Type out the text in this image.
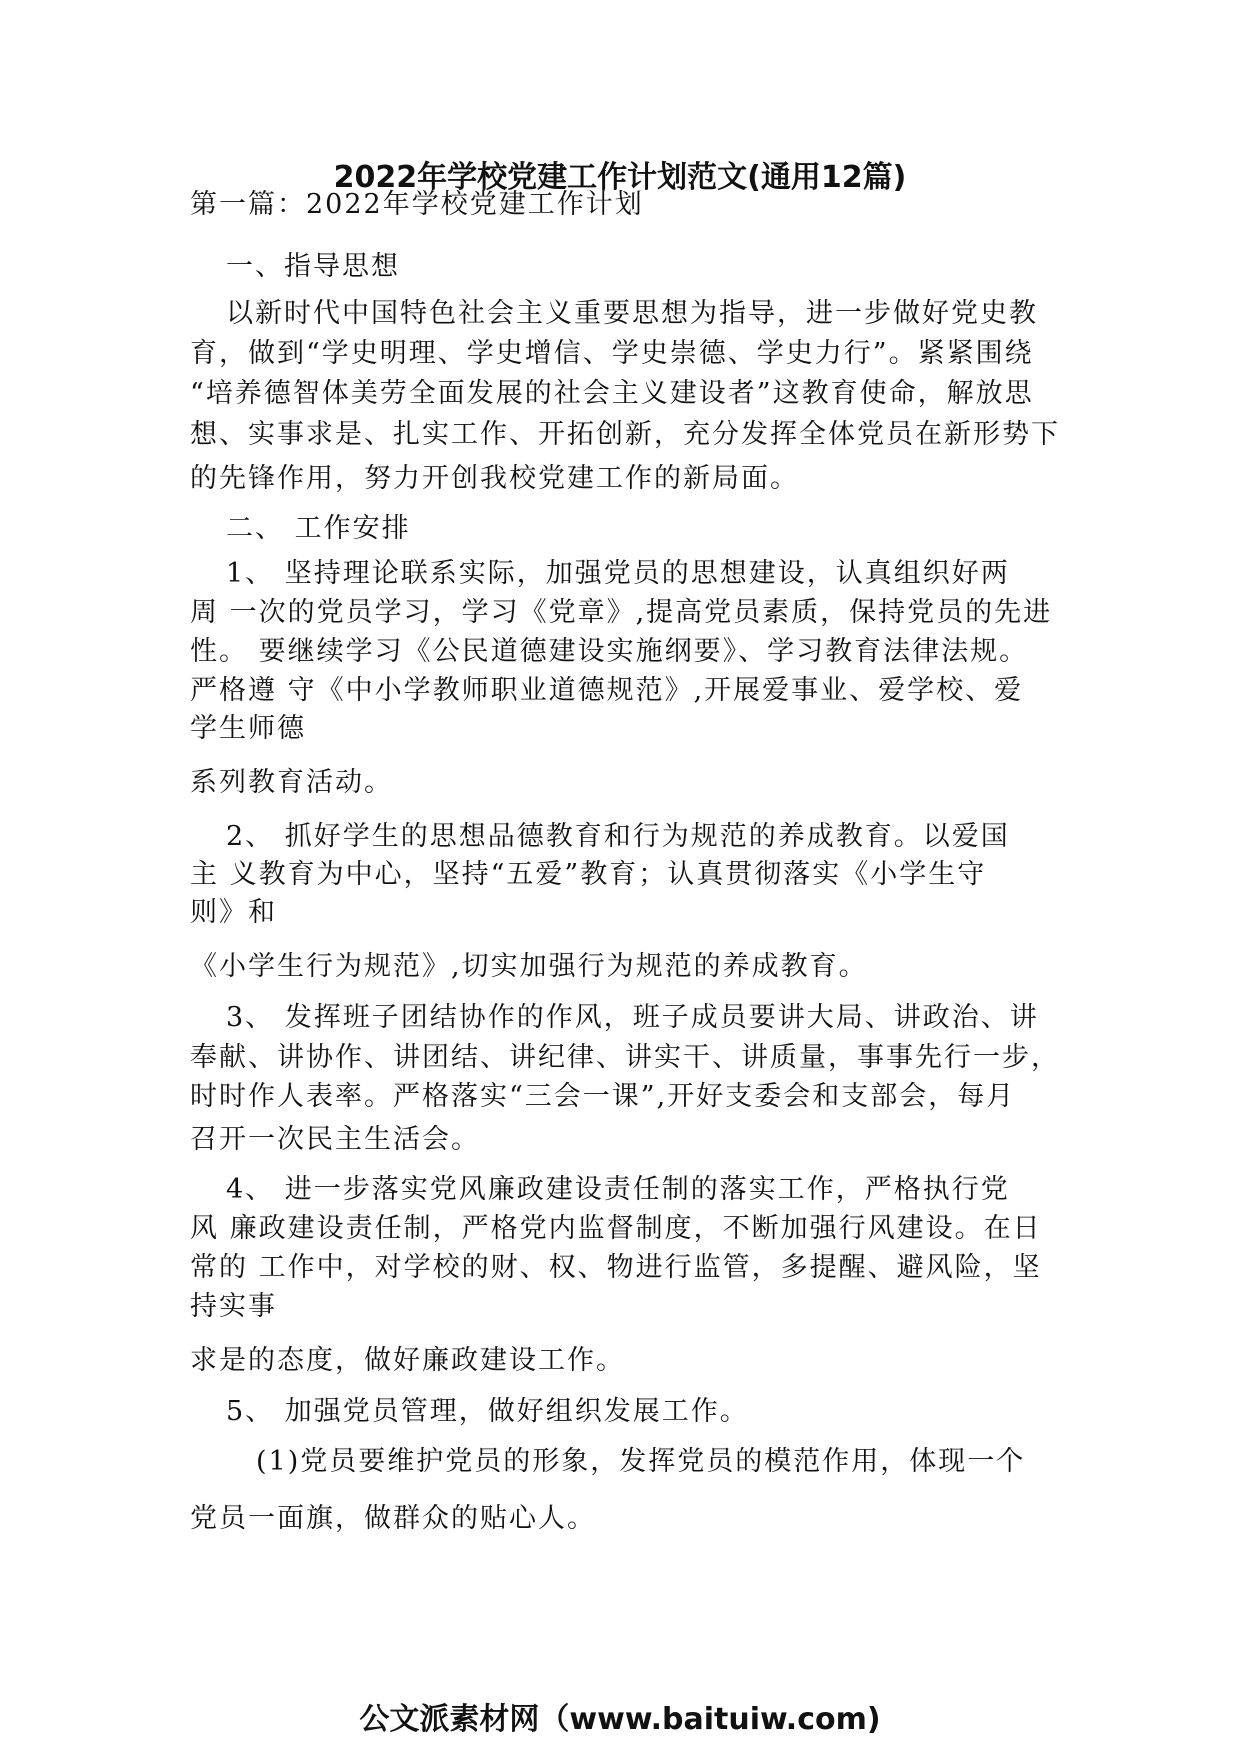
2022年学校党建工作计划范文(通用12篇)
第一篇：2022年学校党建工作计划
一、指导思想
以新时代中国特色社会主义重要思想为指导，进一步做好党史教
育，做到“学史明理、学史增信、学史崇德、学史力行”。紧紧围绕
“培养德智体美劳全面发展的社会主义建设者”这教育使命，解放思
想、实事求是、扎实工作、开拓创新，充分发挥全体党员在新形势下
的先锋作用，努力开创我校党建工作的新局面。
二、 工作安排
1、 坚持理论联系实际，加强党员的思想建设，认真组织好两
周 一次的党员学习，学习《党章》,提高党员素质，保持党员的先进
性。 要继续学习《公民道德建设实施纲要》、学习教育法律法规。
严格遵 守《中小学教师职业道德规范》,开展爱事业、爱学校、爱
学生师德
系列教育活动。
2、 抓好学生的思想品德教育和行为规范的养成教育。以爱国
主 义教育为中心，坚持“五爱”教育；认真贯彻落实《小学生守
则》和
《小学生行为规范》,切实加强行为规范的养成教育。
3、 发挥班子团结协作的作风，班子成员要讲大局、讲政治、讲
奉献、讲协作、讲团结、讲纪律、讲实干、讲质量，事事先行一步，
时时作人表率。严格落实“三会一课”,开好支委会和支部会，每月
召开一次民主生活会。
4、 进一步落实党风廉政建设责任制的落实工作，严格执行党
风 廉政建设责任制，严格党内监督制度，不断加强行风建设。在日
常的 工作中，对学校的财、权、物进行监管，多提醒、避风险，坚
持实事
求是的态度，做好廉政建设工作。
5、 加强党员管理，做好组织发展工作。
(1)党员要维护党员的形象，发挥党员的模范作用，体现一个
党员一面旗，做群众的贴心人。
公文派素材网（www.baituiw.com)
